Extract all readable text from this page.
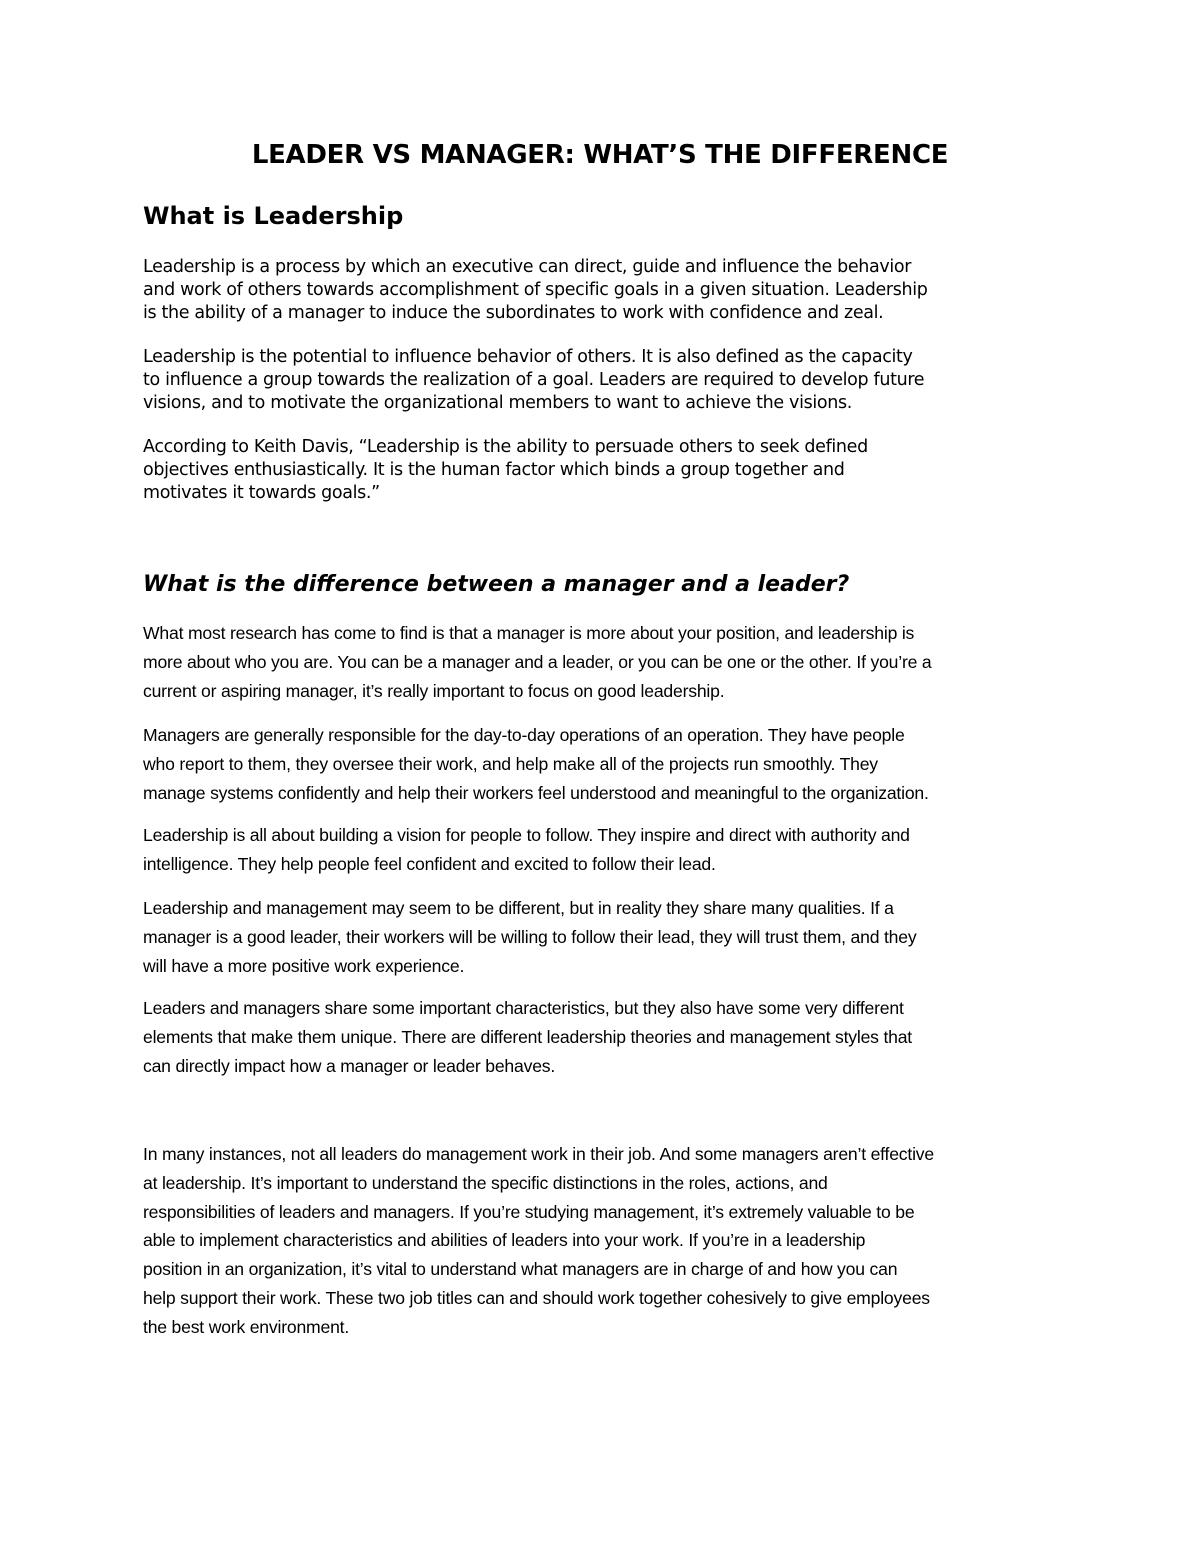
LEADER VS MANAGER: WHAT’S THE DIFFERENCE
What is Leadership
What is the difference between a manager and a leader?
Leadership is a process by which an executive can direct, guide and influence the behavior
and work of others towards accomplishment of specific goals in a given situation. Leadership
is the ability of a manager to induce the subordinates to work with confidence and zeal.
Leadership is the potential to influence behavior of others. It is also defined as the capacity
to influence a group towards the realization of a goal. Leaders are required to develop future
visions, and to motivate the organizational members to want to achieve the visions.
According to Keith Davis, “Leadership is the ability to persuade others to seek defined
objectives enthusiastically. It is the human factor which binds a group together and
motivates it towards goals.”
What most research has come to find is that a manager is more about your position, and leadership is
more about who you are. You can be a manager and a leader, or you can be one or the other. If you’re a
current or aspiring manager, it’s really important to focus on good leadership.
Managers are generally responsible for the day-to-day operations of an operation. They have people
who report to them, they oversee their work, and help make all of the projects run smoothly. They
manage systems confidently and help their workers feel understood and meaningful to the organization.
Leadership is all about building a vision for people to follow. They inspire and direct with authority and
intelligence. They help people feel confident and excited to follow their lead.
Leadership and management may seem to be different, but in reality they share many qualities. If a
manager is a good leader, their workers will be willing to follow their lead, they will trust them, and they
will have a more positive work experience.
Leaders and managers share some important characteristics, but they also have some very different
elements that make them unique. There are different leadership theories and management styles that
can directly impact how a manager or leader behaves.
In many instances, not all leaders do management work in their job. And some managers aren’t effective
at leadership. It’s important to understand the specific distinctions in the roles, actions, and
responsibilities of leaders and managers. If you’re studying management, it’s extremely valuable to be
able to implement characteristics and abilities of leaders into your work. If you’re in a leadership
position in an organization, it’s vital to understand what managers are in charge of and how you can
help support their work. These two job titles can and should work together cohesively to give employees
the best work environment.
